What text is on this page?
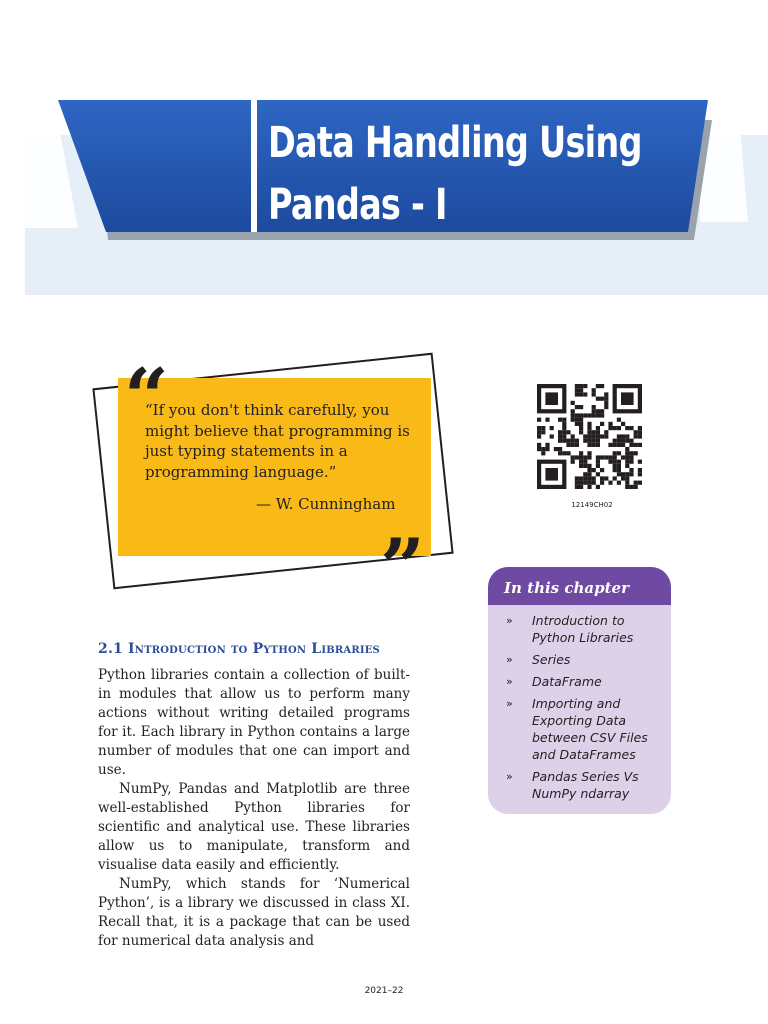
Data Handling Using
Pandas - I
“
“If you don't think carefully, you might believe that programming is just typing statements in a programming language.”
— W. Cunningham
”
12149CH02
In this chapter
» Introduction to Python Libraries
» Series
» DataFrame
» Importing and Exporting Data between CSV Files and DataFrames
» Pandas Series Vs NumPy ndarray
2.1 Introduction to Python Libraries

Python libraries contain a collection of built-in modules that allow us to perform many actions without writing detailed programs for it. Each library in Python contains a large number of modules that one can import and use.

NumPy, Pandas and Matplotlib are three well-established Python libraries for scientific and analytical use. These libraries allow us to manipulate, transform and visualise data easily and efficiently.

NumPy, which stands for ‘Numerical Python’, is a library we discussed in class XI. Recall that, it is a package that can be used for numerical data analysis and

2021–22
